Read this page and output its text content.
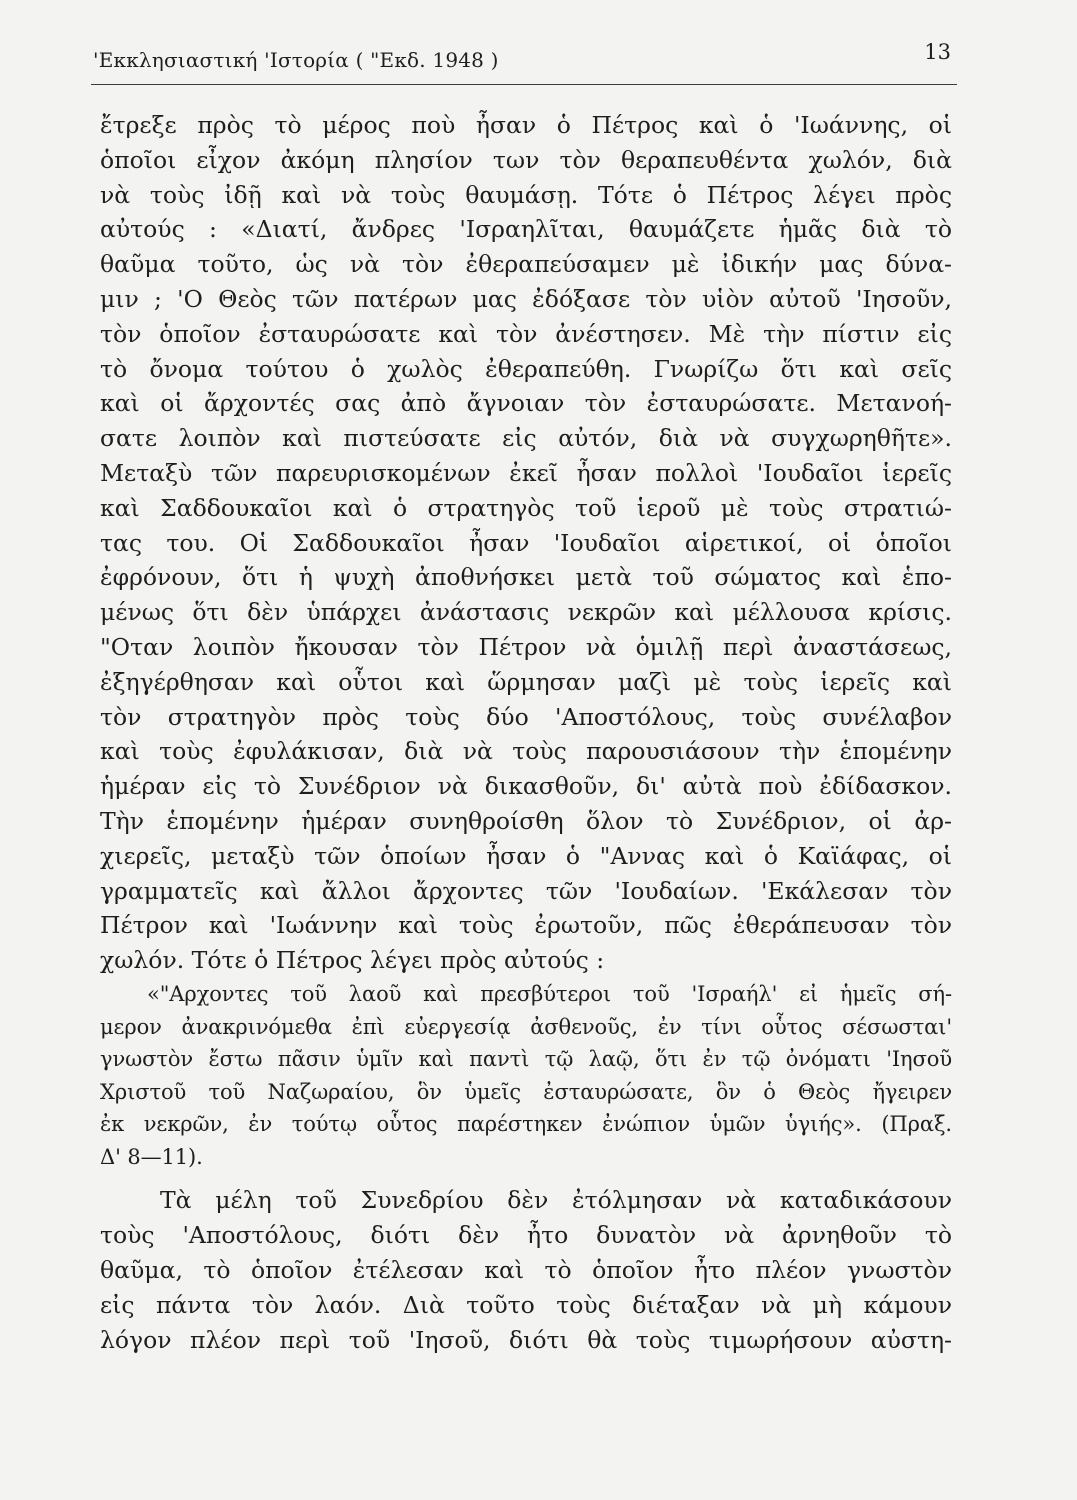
'Εκκλησιαστική 'Ιστορία ( "Εκδ. 1948 )	13
ἔτρεξε πρὸς τὸ μέρος ποὺ ἦσαν ὁ Πέτρος καὶ ὁ 'Ιωάννης, οἱ
ὁποῖοι εἶχον ἀκόμη πλησίον των τὸν θεραπευθέντα χωλόν, διὰ
νὰ τοὺς ἰδῇ καὶ νὰ τοὺς θαυμάσῃ. Τότε ὁ Πέτρος λέγει πρὸς
αὐτούς : «Διατί, ἄνδρες 'Ισραηλῖται, θαυμάζετε ἡμᾶς διὰ τὸ
θαῦμα τοῦτο, ὡς νὰ τὸν ἐθεραπεύσαμεν μὲ ἰδικήν μας δύνα-
μιν ; 'Ο Θεὸς τῶν πατέρων μας ἐδόξασε τὸν υἱὸν αὐτοῦ 'Ιησοῦν,
τὸν ὁποῖον ἐσταυρώσατε καὶ τὸν ἀνέστησεν. Μὲ τὴν πίστιν εἰς
τὸ ὄνομα τούτου ὁ χωλὸς ἐθεραπεύθη. Γνωρίζω ὅτι καὶ σεῖς
καὶ οἱ ἄρχοντές σας ἀπὸ ἄγνοιαν τὸν ἐσταυρώσατε. Μετανοή-
σατε λοιπὸν καὶ πιστεύσατε εἰς αὐτόν, διὰ νὰ συγχωρηθῆτε».
Μεταξὺ τῶν παρευρισκομένων ἐκεῖ ἦσαν πολλοὶ 'Ιουδαῖοι ἱερεῖς
καὶ Σαδδουκαῖοι καὶ ὁ στρατηγὸς τοῦ ἱεροῦ μὲ τοὺς στρατιώ-
τας του. Οἱ Σαδδουκαῖοι ἦσαν 'Ιουδαῖοι αἱρετικοί, οἱ ὁποῖοι
ἐφρόνουν, ὅτι ἡ ψυχὴ ἀποθνήσκει μετὰ τοῦ σώματος καὶ ἑπο-
μένως ὅτι δὲν ὑπάρχει ἀνάστασις νεκρῶν καὶ μέλλουσα κρίσις.
"Οταν λοιπὸν ἤκουσαν τὸν Πέτρον νὰ ὁμιλῇ περὶ ἀναστάσεως,
ἐξηγέρθησαν καὶ οὗτοι καὶ ὥρμησαν μαζὶ μὲ τοὺς ἱερεῖς καὶ
τὸν στρατηγὸν πρὸς τοὺς δύο 'Αποστόλους, τοὺς συνέλαβον
καὶ τοὺς ἐφυλάκισαν, διὰ νὰ τοὺς παρουσιάσουν τὴν ἑπομένην
ἡμέραν εἰς τὸ Συνέδριον νὰ δικασθοῦν, δι' αὐτὰ ποὺ ἐδίδασκον.
Τὴν ἑπομένην ἡμέραν συνηθροίσθη ὅλον τὸ Συνέδριον, οἱ ἀρ-
χιερεῖς, μεταξὺ τῶν ὁποίων ἦσαν ὁ "Αννας καὶ ὁ Καϊάφας, οἱ
γραμματεῖς καὶ ἄλλοι ἄρχοντες τῶν 'Ιουδαίων. 'Εκάλεσαν τὸν
Πέτρον καὶ 'Ιωάννην καὶ τοὺς ἐρωτοῦν, πῶς ἐθεράπευσαν τὸν
χωλόν. Τότε ὁ Πέτρος λέγει πρὸς αὐτούς :
«"Αρχοντες τοῦ λαοῦ καὶ πρεσβύτεροι τοῦ 'Ισραήλ' εἰ ἡμεῖς σή-
μερον ἀνακρινόμεθα ἐπὶ εὐεργεσίᾳ ἀσθενοῦς, ἐν τίνι οὗτος σέσωσται'
γνωστὸν ἔστω πᾶσιν ὑμῖν καὶ παντὶ τῷ λαῷ, ὅτι ἐν τῷ ὀνόματι 'Ιησοῦ
Χριστοῦ τοῦ Ναζωραίου, ὃν ὑμεῖς ἐσταυρώσατε, ὃν ὁ Θεὸς ἤγειρεν
ἐκ νεκρῶν, ἐν τούτῳ οὗτος παρέστηκεν ἐνώπιον ὑμῶν ὑγιής». (Πραξ.
Δ' 8—11).
Τὰ μέλη τοῦ Συνεδρίου δὲν ἐτόλμησαν νὰ καταδικάσουν
τοὺς 'Αποστόλους, διότι δὲν ἦτο δυνατὸν νὰ ἀρνηθοῦν τὸ
θαῦμα, τὸ ὁποῖον ἐτέλεσαν καὶ τὸ ὁποῖον ἦτο πλέον γνωστὸν
εἰς πάντα τὸν λαόν. Διὰ τοῦτο τοὺς διέταξαν νὰ μὴ κάμουν
λόγον πλέον περὶ τοῦ 'Ιησοῦ, διότι θὰ τοὺς τιμωρήσουν αὐστη-
